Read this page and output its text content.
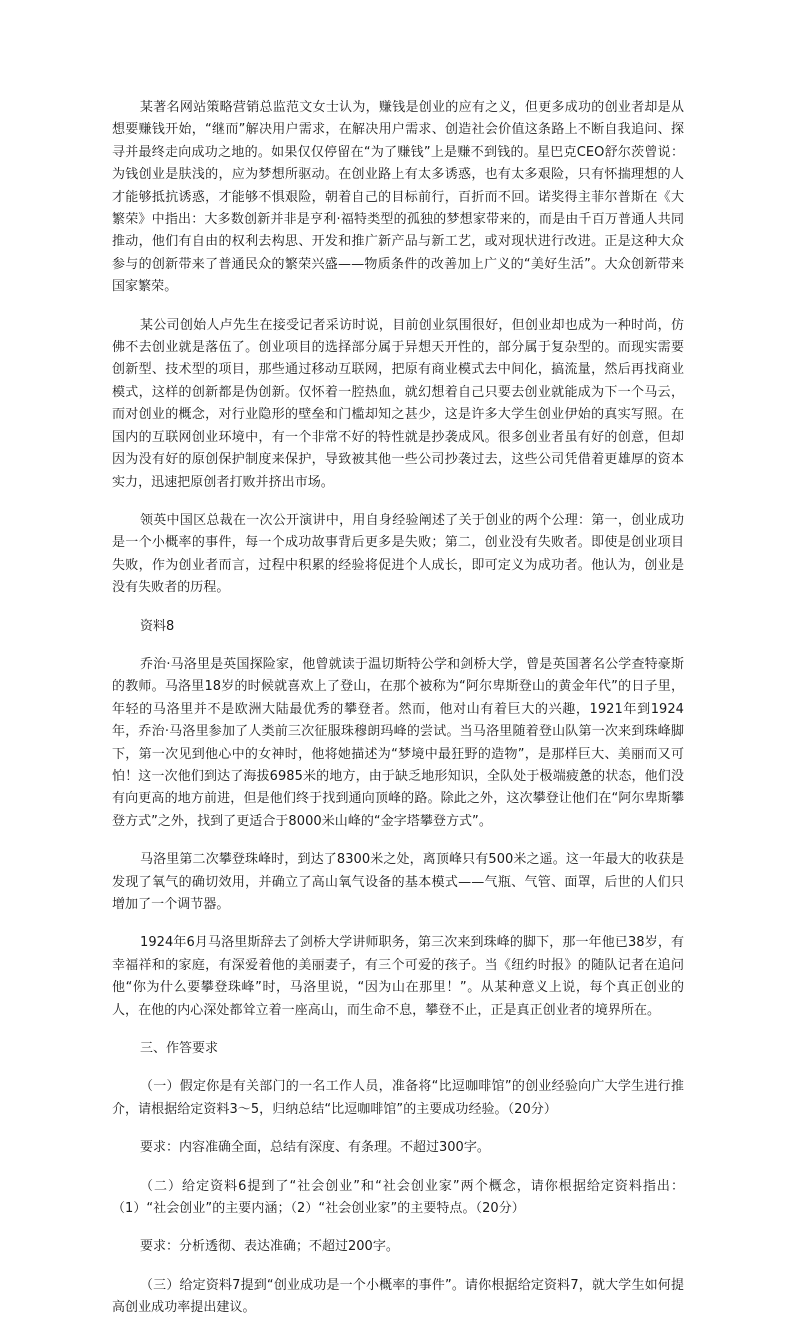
某著名网站策略营销总监范文女士认为，赚钱是创业的应有之义，但更多成功的创业者却是从想要赚钱开始，“继而”解决用户需求，在解决用户需求、创造社会价值这条路上不断自我追问、探寻并最终走向成功之地的。如果仅仅停留在“为了赚钱”上是赚不到钱的。星巴克CEO舒尔茨曾说：为钱创业是肤浅的，应为梦想所驱动。在创业路上有太多诱惑，也有太多艰险，只有怀揣理想的人才能够抵抗诱惑，才能够不惧艰险，朝着自己的目标前行，百折而不回。诺奖得主菲尔普斯在《大繁荣》中指出：大多数创新并非是亨利·福特类型的孤独的梦想家带来的，而是由千百万普通人共同推动，他们有自由的权利去构思、开发和推广新产品与新工艺，或对现状进行改进。正是这种大众参与的创新带来了普通民众的繁荣兴盛——物质条件的改善加上广义的“美好生活”。大众创新带来国家繁荣。

某公司创始人卢先生在接受记者采访时说，目前创业氛围很好，但创业却也成为一种时尚，仿佛不去创业就是落伍了。创业项目的选择部分属于异想天开性的，部分属于复杂型的。而现实需要创新型、技术型的项目，那些通过移动互联网，把原有商业模式去中间化，搞流量，然后再找商业模式，这样的创新都是伪创新。仅怀着一腔热血，就幻想着自己只要去创业就能成为下一个马云，而对创业的概念，对行业隐形的壁垒和门槛却知之甚少，这是许多大学生创业伊始的真实写照。在国内的互联网创业环境中，有一个非常不好的特性就是抄袭成风。很多创业者虽有好的创意，但却因为没有好的原创保护制度来保护，导致被其他一些公司抄袭过去，这些公司凭借着更雄厚的资本实力，迅速把原创者打败并挤出市场。

领英中国区总裁在一次公开演讲中，用自身经验阐述了关于创业的两个公理：第一，创业成功是一个小概率的事件，每一个成功故事背后更多是失败；第二，创业没有失败者。即使是创业项目失败，作为创业者而言，过程中积累的经验将促进个人成长，即可定义为成功者。他认为，创业是没有失败者的历程。

资料8

乔治·马洛里是英国探险家，他曾就读于温切斯特公学和剑桥大学，曾是英国著名公学查特豪斯的教师。马洛里18岁的时候就喜欢上了登山，在那个被称为“阿尔卑斯登山的黄金年代”的日子里，年轻的马洛里并不是欧洲大陆最优秀的攀登者。然而，他对山有着巨大的兴趣，1921年到1924年，乔治·马洛里参加了人类前三次征服珠穆朗玛峰的尝试。当马洛里随着登山队第一次来到珠峰脚下，第一次见到他心中的女神时，他将她描述为“梦境中最狂野的造物”，是那样巨大、美丽而又可怕！这一次他们到达了海拔6985米的地方，由于缺乏地形知识，全队处于极端疲惫的状态，他们没有向更高的地方前进，但是他们终于找到通向顶峰的路。除此之外，这次攀登让他们在“阿尔卑斯攀登方式”之外，找到了更适合于8000米山峰的“金字塔攀登方式”。

马洛里第二次攀登珠峰时，到达了8300米之处，离顶峰只有500米之遥。这一年最大的收获是发现了氧气的确切效用，并确立了高山氧气设备的基本模式——气瓶、气管、面罩，后世的人们只增加了一个调节器。

1924年6月马洛里斯辞去了剑桥大学讲师职务，第三次来到珠峰的脚下，那一年他已38岁，有幸福祥和的家庭，有深爱着他的美丽妻子，有三个可爱的孩子。当《纽约时报》的随队记者在追问他“你为什么要攀登珠峰”时，马洛里说，“因为山在那里！”。从某种意义上说，每个真正创业的人，在他的内心深处都耸立着一座高山，而生命不息，攀登不止，正是真正创业者的境界所在。

三、作答要求

（一）假定你是有关部门的一名工作人员，准备将“比逗咖啡馆”的创业经验向广大学生进行推介，请根据给定资料3～5，归纳总结“比逗咖啡馆”的主要成功经验。（20分）

要求：内容准确全面，总结有深度、有条理。不超过300字。

（二）给定资料6提到了“社会创业”和“社会创业家”两个概念，请你根据给定资料指出：（1）“社会创业”的主要内涵；（2）“社会创业家”的主要特点。（20分）

要求：分析透彻、表达准确；不超过200字。

（三）给定资料7提到“创业成功是一个小概率的事件”。请你根据给定资料7，就大学生如何提高创业成功率提出建议。
